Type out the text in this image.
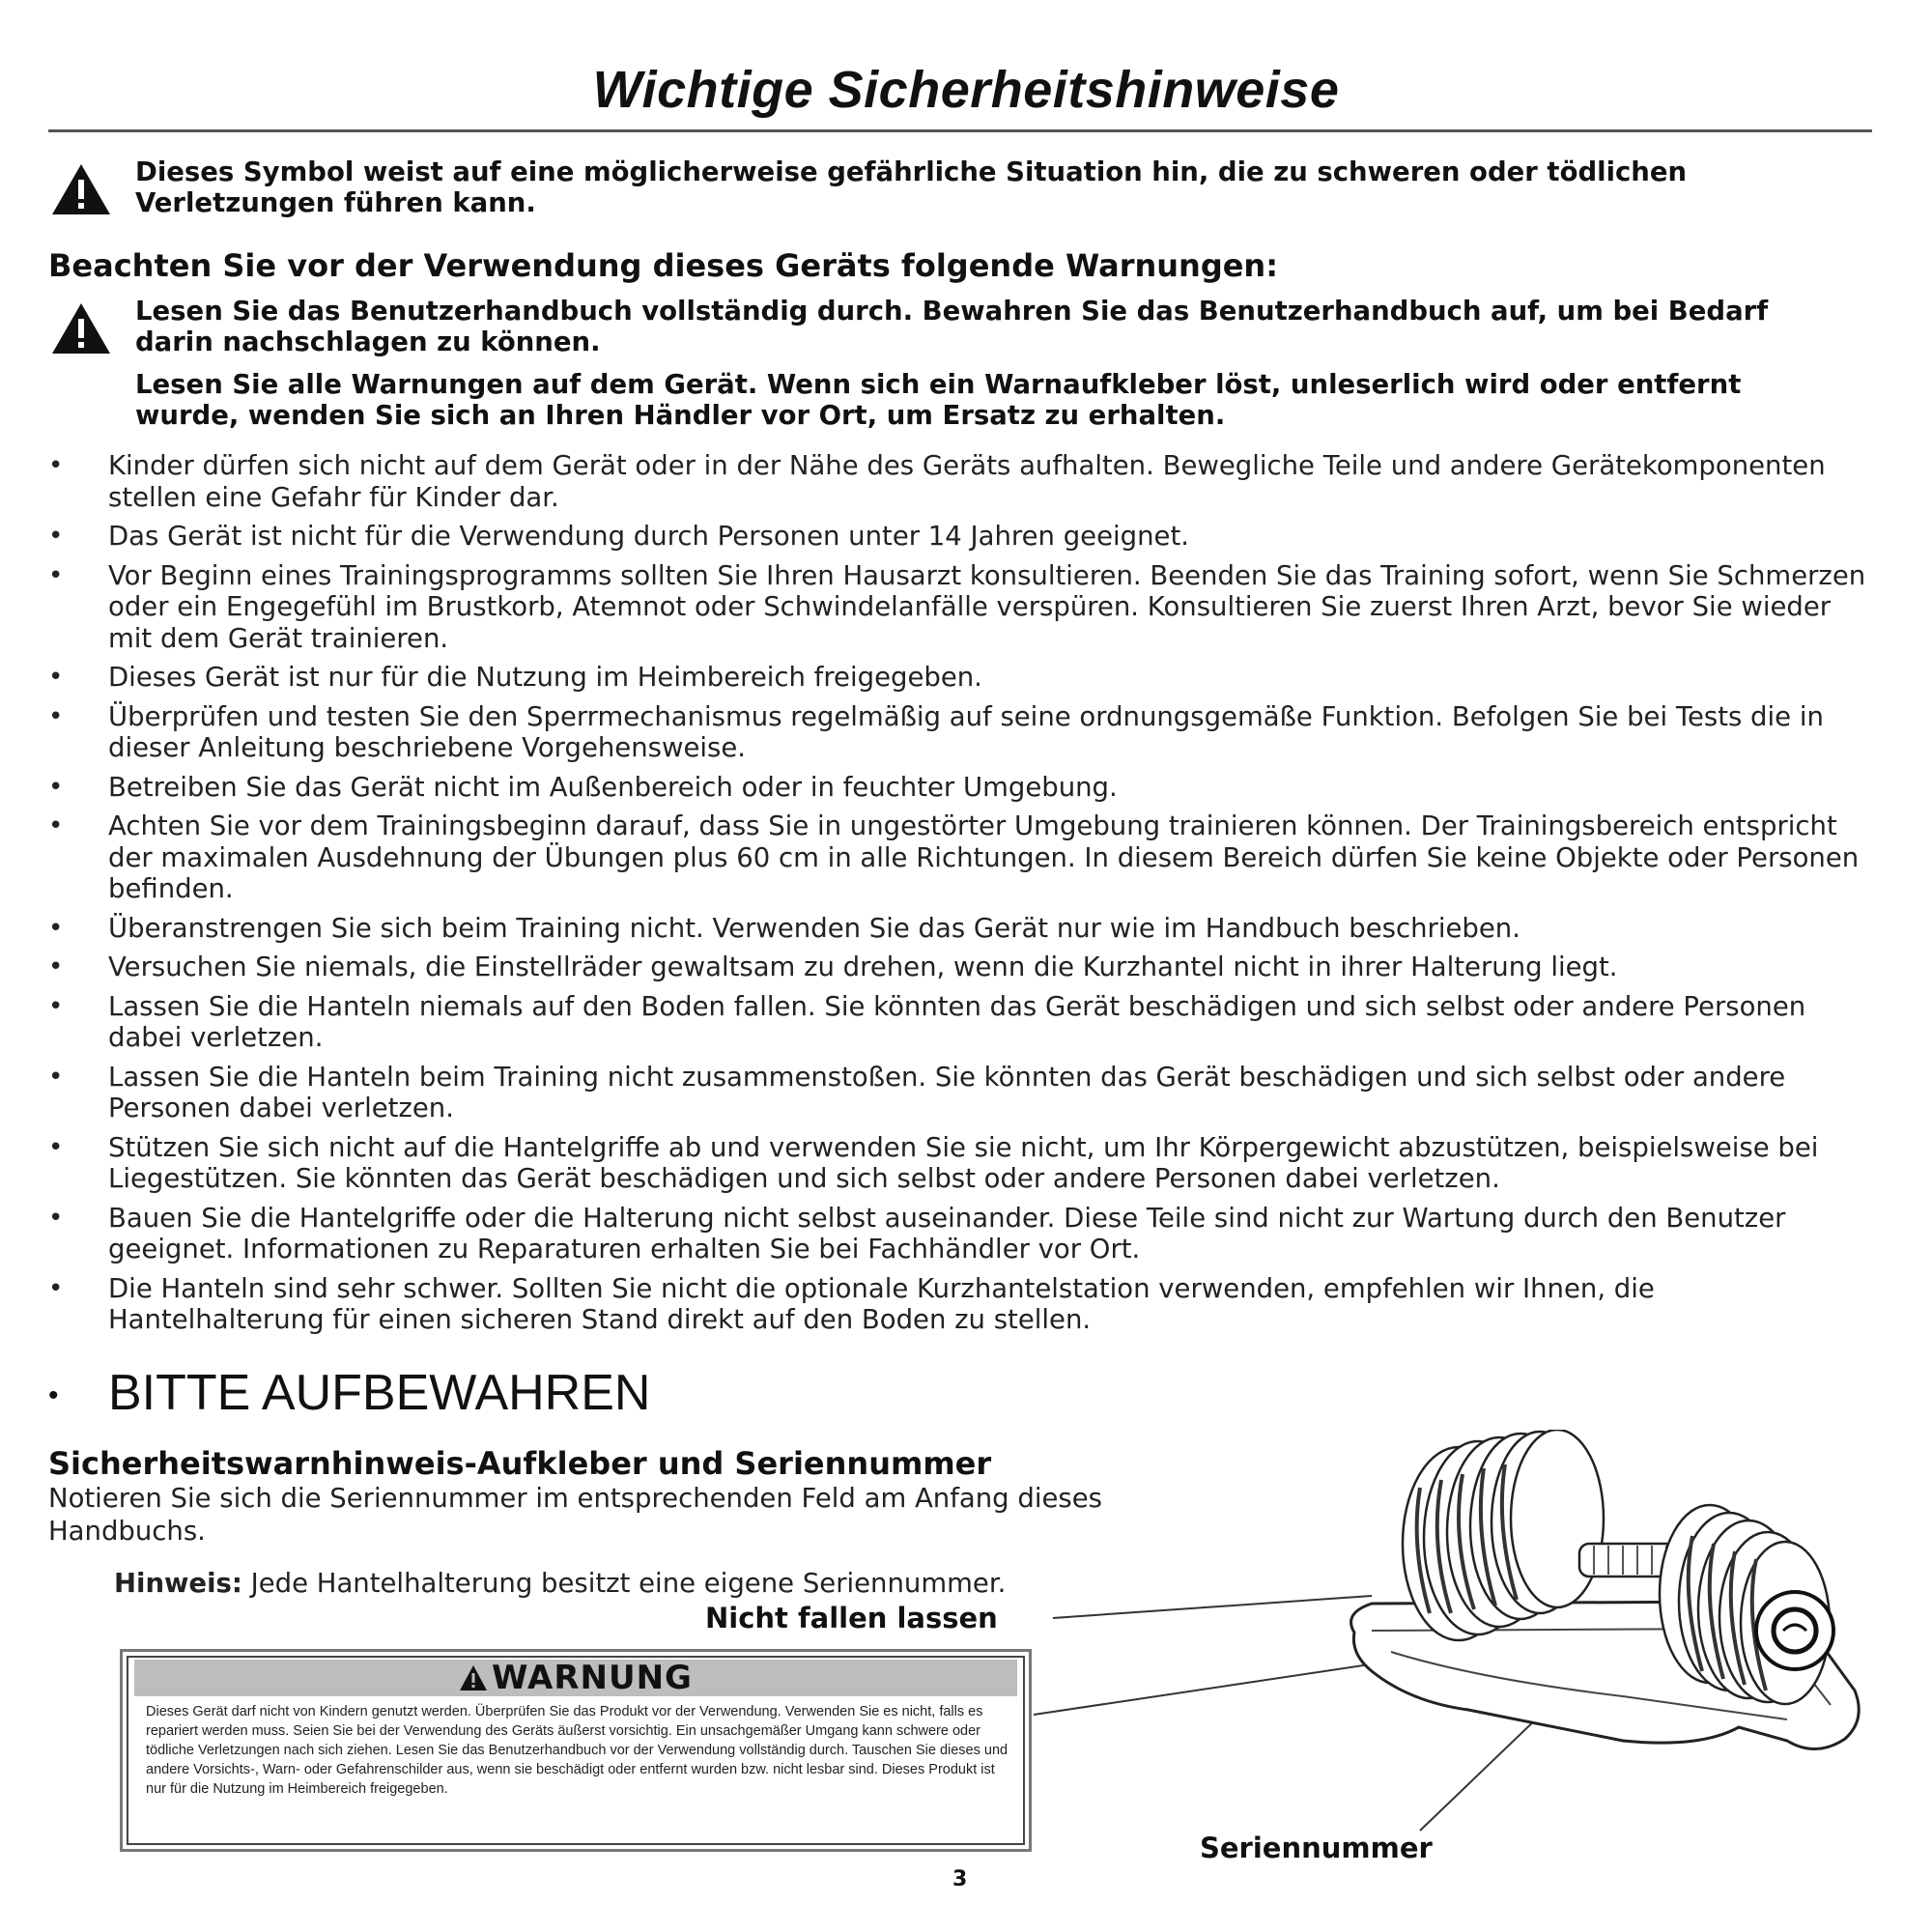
Wichtige Sicherheitshinweise
Dieses Symbol weist auf eine möglicherweise gefährliche Situation hin, die zu schweren oder tödlichen Verletzungen führen kann.
Beachten Sie vor der Verwendung dieses Geräts folgende Warnungen:
Lesen Sie das Benutzerhandbuch vollständig durch. Bewahren Sie das Benutzerhandbuch auf, um bei Bedarf darin nachschlagen zu können.
Lesen Sie alle Warnungen auf dem Gerät. Wenn sich ein Warnaufkleber löst, unleserlich wird oder entfernt wurde, wenden Sie sich an Ihren Händler vor Ort, um Ersatz zu erhalten.
• Kinder dürfen sich nicht auf dem Gerät oder in der Nähe des Geräts aufhalten. Bewegliche Teile und andere Gerätekomponenten stellen eine Gefahr für Kinder dar.
• Das Gerät ist nicht für die Verwendung durch Personen unter 14 Jahren geeignet.
• Vor Beginn eines Trainingsprogramms sollten Sie Ihren Hausarzt konsultieren. Beenden Sie das Training sofort, wenn Sie Schmerzen oder ein Engegefühl im Brustkorb, Atemnot oder Schwindelanfälle verspüren. Konsultieren Sie zuerst Ihren Arzt, bevor Sie wieder mit dem Gerät trainieren.
• Dieses Gerät ist nur für die Nutzung im Heimbereich freigegeben.
• Überprüfen und testen Sie den Sperrmechanismus regelmäßig auf seine ordnungsgemäße Funktion. Befolgen Sie bei Tests die in dieser Anleitung beschriebene Vorgehensweise.
• Betreiben Sie das Gerät nicht im Außenbereich oder in feuchter Umgebung.
• Achten Sie vor dem Trainingsbeginn darauf, dass Sie in ungestörter Umgebung trainieren können. Der Trainingsbereich entspricht der maximalen Ausdehnung der Übungen plus 60 cm in alle Richtungen. In diesem Bereich dürfen Sie keine Objekte oder Personen befinden.
• Überanstrengen Sie sich beim Training nicht. Verwenden Sie das Gerät nur wie im Handbuch beschrieben.
• Versuchen Sie niemals, die Einstellräder gewaltsam zu drehen, wenn die Kurzhantel nicht in ihrer Halterung liegt.
• Lassen Sie die Hanteln niemals auf den Boden fallen. Sie könnten das Gerät beschädigen und sich selbst oder andere Personen dabei verletzen.
• Lassen Sie die Hanteln beim Training nicht zusammenstoßen. Sie könnten das Gerät beschädigen und sich selbst oder andere Personen dabei verletzen.
• Stützen Sie sich nicht auf die Hantelgriffe ab und verwenden Sie sie nicht, um Ihr Körpergewicht abzustützen, beispielsweise bei Liegestützen. Sie könnten das Gerät beschädigen und sich selbst oder andere Personen dabei verletzen.
• Bauen Sie die Hantelgriffe oder die Halterung nicht selbst auseinander. Diese Teile sind nicht zur Wartung durch den Benutzer geeignet. Informationen zu Reparaturen erhalten Sie bei Fachhändler vor Ort.
• Die Hanteln sind sehr schwer. Sollten Sie nicht die optionale Kurzhantelstation verwenden, empfehlen wir Ihnen, die Hantelhalterung für einen sicheren Stand direkt auf den Boden zu stellen.
• BITTE AUFBEWAHREN
Sicherheitswarnhinweis-Aufkleber und Seriennummer
Notieren Sie sich die Seriennummer im entsprechenden Feld am Anfang dieses Handbuchs.
Hinweis: Jede Hantelhalterung besitzt eine eigene Seriennummer.
Nicht fallen lassen
WARNUNG
Dieses Gerät darf nicht von Kindern genutzt werden. Überprüfen Sie das Produkt vor der Verwendung. Verwenden Sie es nicht, falls es repariert werden muss. Seien Sie bei der Verwendung des Geräts äußerst vorsichtig. Ein unsachgemäßer Umgang kann schwere oder tödliche Verletzungen nach sich ziehen. Lesen Sie das Benutzerhandbuch vor der Verwendung vollständig durch. Tauschen Sie dieses und andere Vorsichts-, Warn- oder Gefahrenschilder aus, wenn sie beschädigt oder entfernt wurden bzw. nicht lesbar sind. Dieses Produkt ist nur für die Nutzung im Heimbereich freigegeben.
Seriennummer
3
